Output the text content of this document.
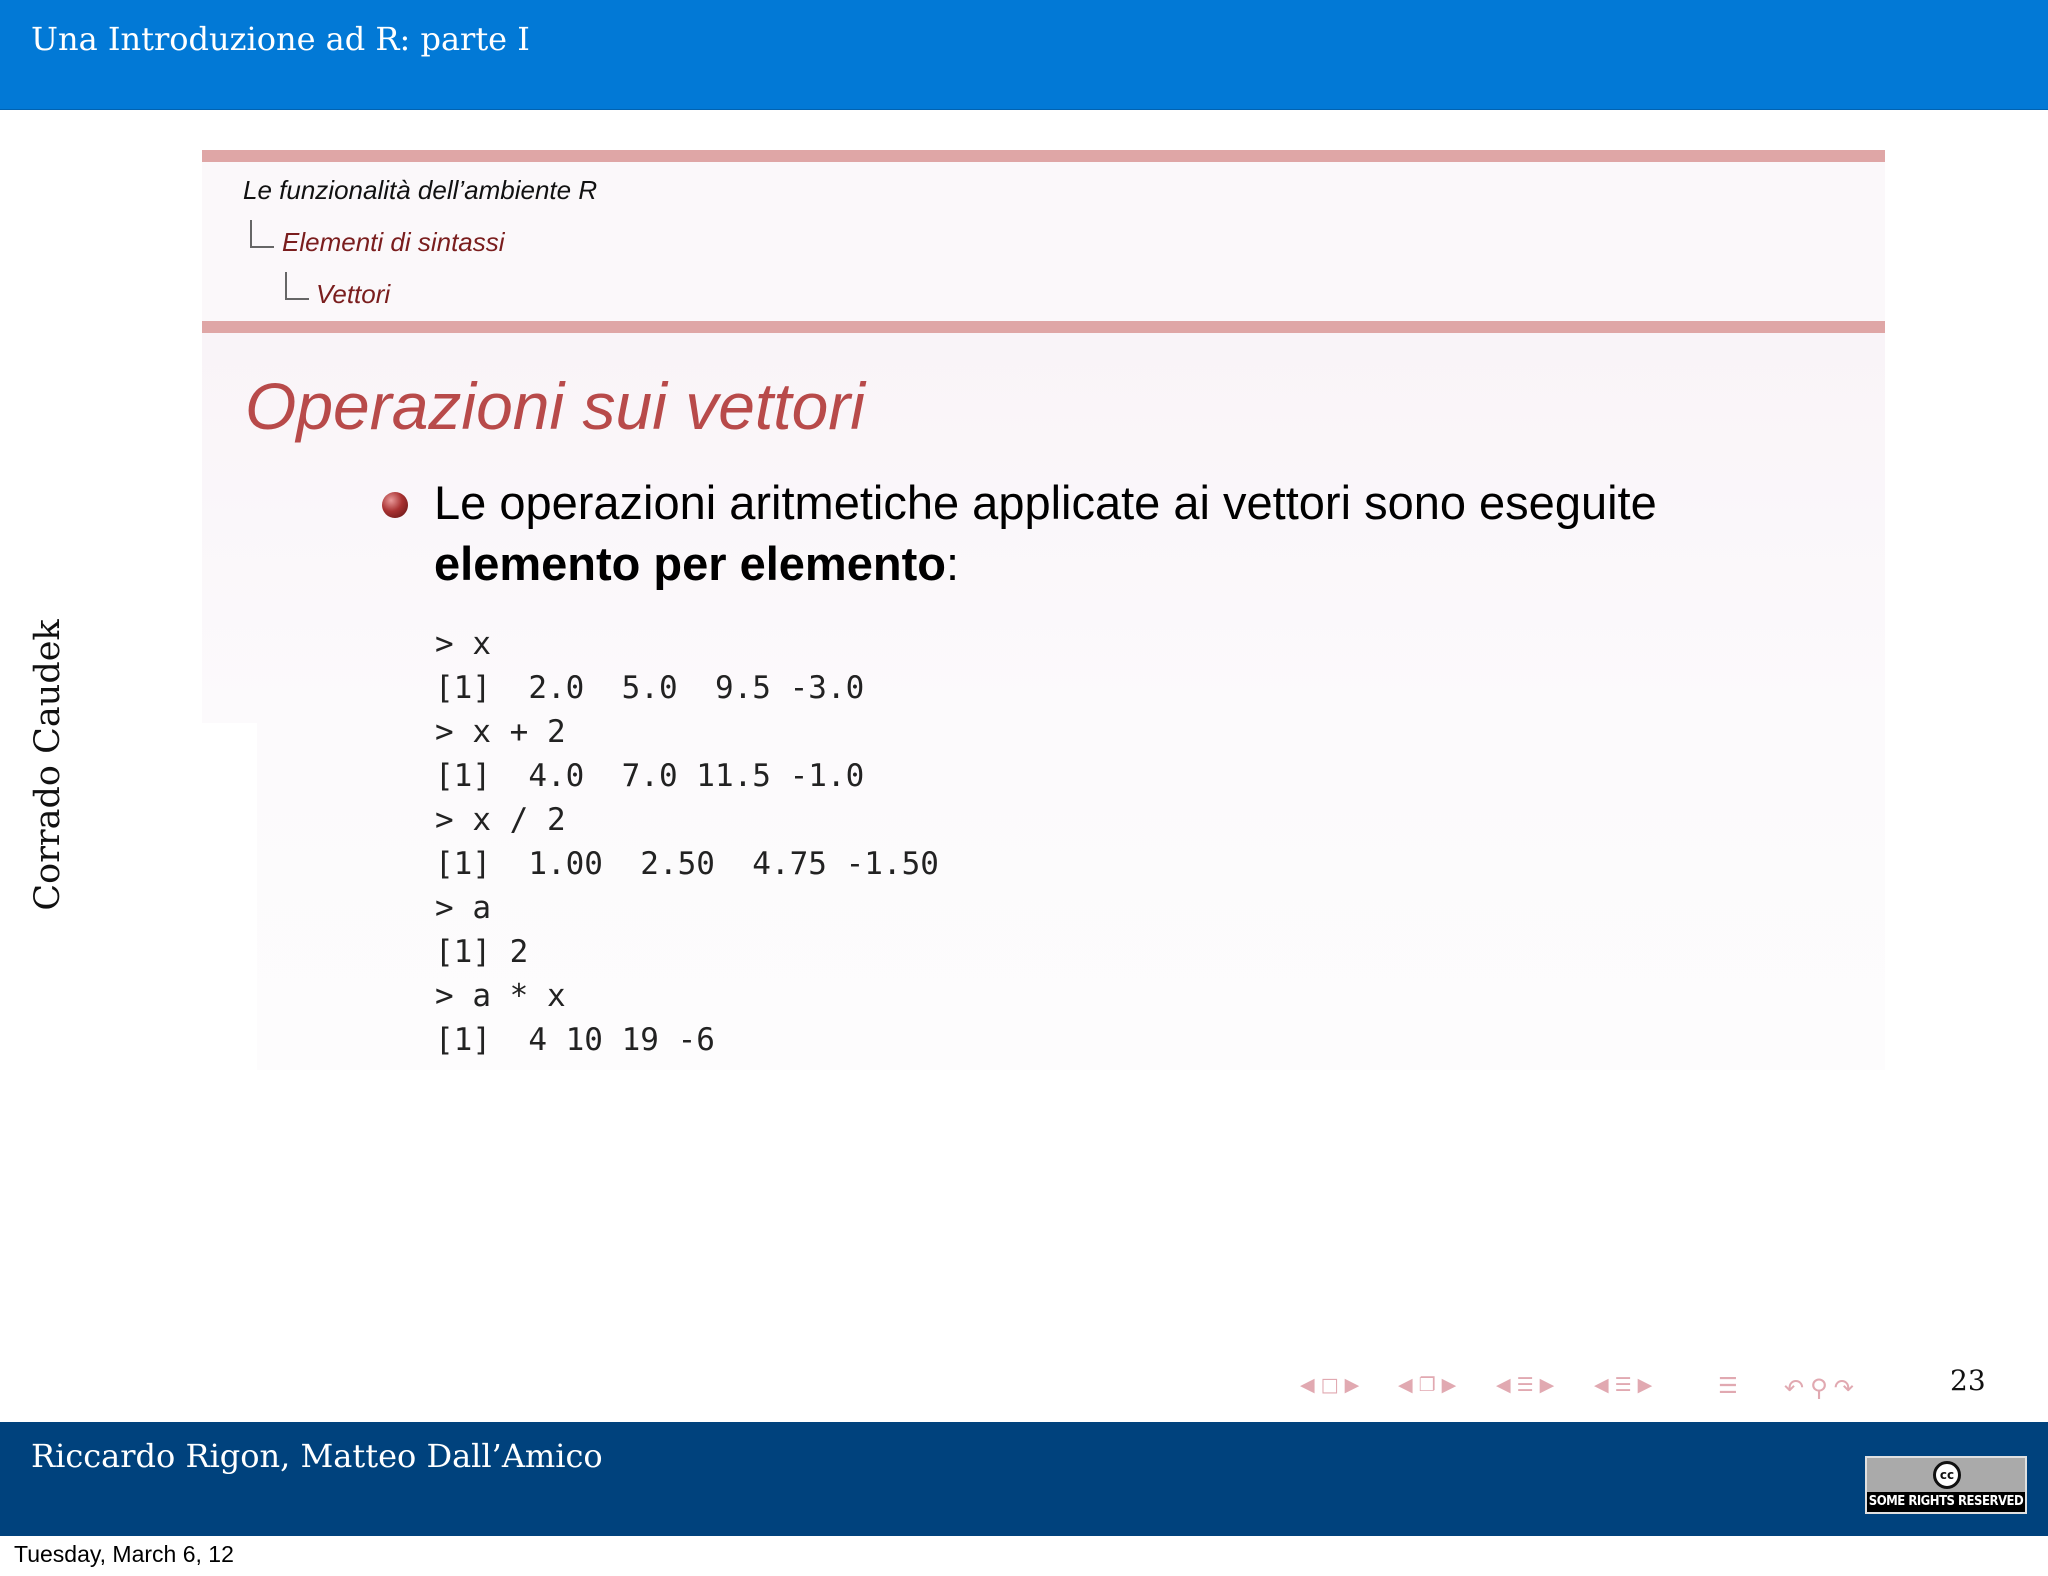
Una Introduzione ad R: parte I
Corrado Caudek
Le funzionalità dell’ambiente R
Elementi di sintassi
Vettori
Operazioni sui vettori
Le operazioni aritmetiche applicate ai vettori sono eseguite
elemento per elemento:
> x
[1]  2.0  5.0  9.5 -3.0
> x + 2
[1]  4.0  7.0 11.5 -1.0
> x / 2
[1]  1.00  2.50  4.75 -1.50
> a
[1] 2
> a * x
[1]  4 10 19 -6
◀ □ ▶	◀ ❐ ▶	◀ ☰ ▶	◀ ☰ ▶	☰ ↶ ⚲ ↷	23
Riccardo Rigon, Matteo Dall’Amico	cc
SOME RIGHTS RESERVED
Tuesday, March 6, 12
